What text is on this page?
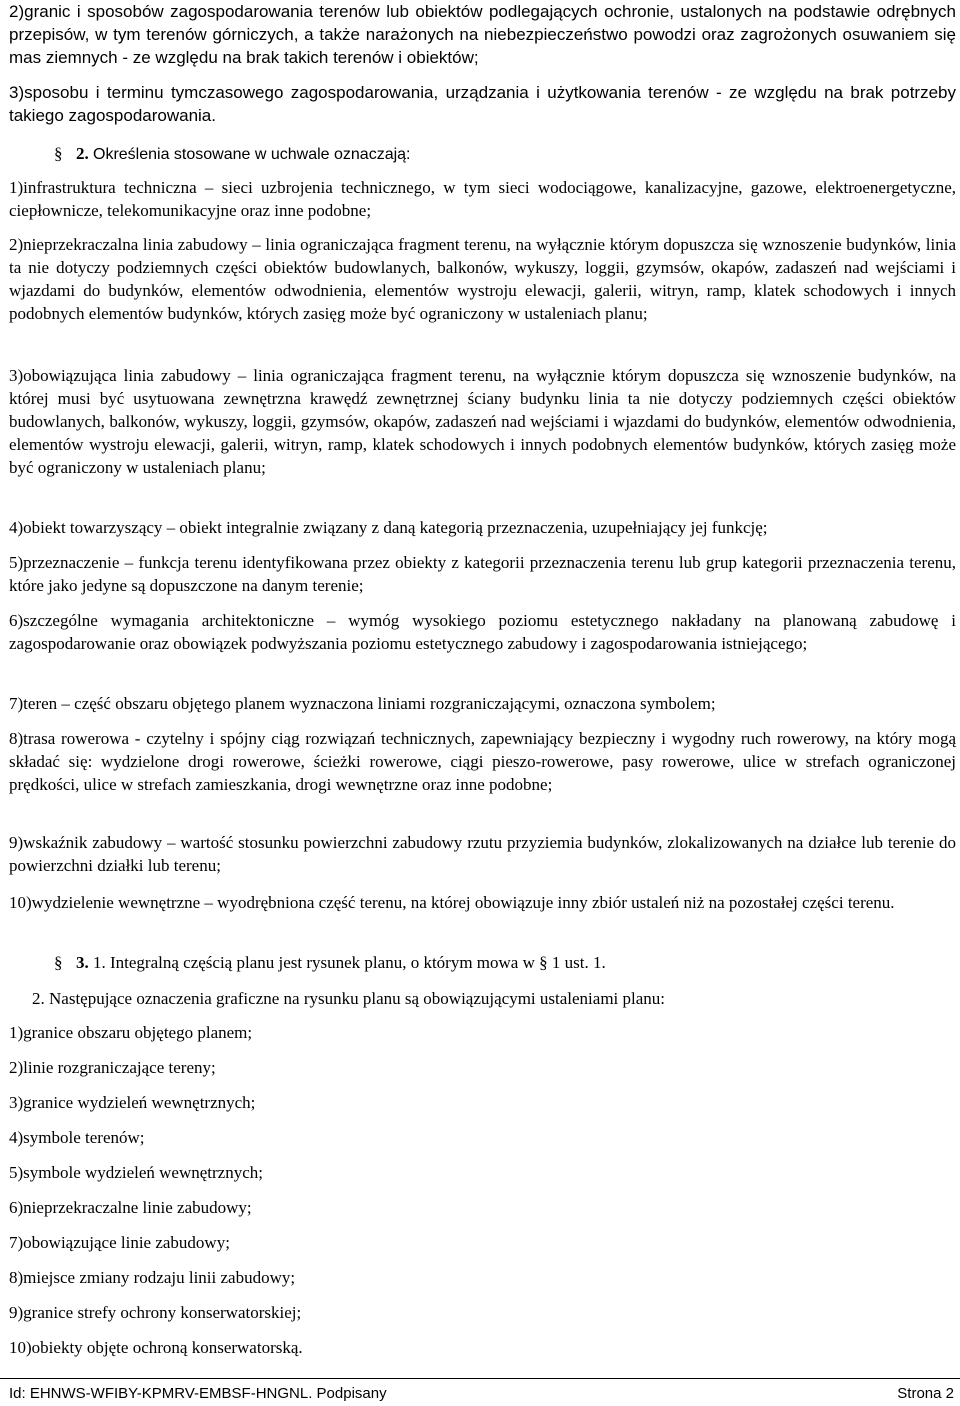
2)granic i sposobów zagospodarowania terenów lub obiektów podlegających ochronie, ustalonych na podstawie odrębnych przepisów, w tym terenów górniczych, a także narażonych na niebezpieczeństwo powodzi oraz zagrożonych osuwaniem się mas ziemnych - ze względu na brak takich terenów i obiektów;
3)sposobu i terminu tymczasowego zagospodarowania, urządzania i użytkowania terenów - ze względu na brak potrzeby takiego zagospodarowania.
§ 2. Określenia stosowane w uchwale oznaczają:
1)infrastruktura techniczna – sieci uzbrojenia technicznego, w tym sieci wodociągowe, kanalizacyjne, gazowe, elektroenergetyczne, ciepłownicze, telekomunikacyjne oraz inne podobne;
2)nieprzekraczalna linia zabudowy – linia ograniczająca fragment terenu, na wyłącznie którym dopuszcza się wznoszenie budynków, linia ta nie dotyczy podziemnych części obiektów budowlanych, balkonów, wykuszy, loggii, gzymsów, okapów, zadaszeń nad wejściami i wjazdami do budynków, elementów odwodnienia, elementów wystroju elewacji, galerii, witryn, ramp, klatek schodowych i innych podobnych elementów budynków, których zasięg może być ograniczony w ustaleniach planu;
3)obowiązująca linia zabudowy – linia ograniczająca fragment terenu, na wyłącznie którym dopuszcza się wznoszenie budynków, na której musi być usytuowana zewnętrzna krawędź zewnętrznej ściany budynku linia ta nie dotyczy podziemnych części obiektów budowlanych, balkonów, wykuszy, loggii, gzymsów, okapów, zadaszeń nad wejściami i wjazdami do budynków, elementów odwodnienia, elementów wystroju elewacji, galerii, witryn, ramp, klatek schodowych i innych podobnych elementów budynków, których zasięg może być ograniczony w ustaleniach planu;
4)obiekt towarzyszący – obiekt integralnie związany z daną kategorią przeznaczenia, uzupełniający jej funkcję;
5)przeznaczenie – funkcja terenu identyfikowana przez obiekty z kategorii przeznaczenia terenu lub grup kategorii przeznaczenia terenu, które jako jedyne są dopuszczone na danym terenie;
6)szczególne wymagania architektoniczne – wymóg wysokiego poziomu estetycznego nakładany na planowaną zabudowę i zagospodarowanie oraz obowiązek podwyższania poziomu estetycznego zabudowy i zagospodarowania istniejącego;
7)teren – część obszaru objętego planem wyznaczona liniami rozgraniczającymi, oznaczona symbolem;
8)trasa rowerowa - czytelny i spójny ciąg rozwiązań technicznych, zapewniający bezpieczny i wygodny ruch rowerowy, na który mogą składać się: wydzielone drogi rowerowe, ścieżki rowerowe, ciągi pieszo-rowerowe, pasy rowerowe, ulice w strefach ograniczonej prędkości, ulice w strefach zamieszkania, drogi wewnętrzne oraz inne podobne;
9)wskaźnik zabudowy – wartość stosunku powierzchni zabudowy rzutu przyziemia budynków, zlokalizowanych na działce lub terenie do powierzchni działki lub terenu;
10)wydzielenie wewnętrzne – wyodrębniona część terenu, na której obowiązuje inny zbiór ustaleń niż na pozostałej części terenu.
§ 3. 1. Integralną częścią planu jest rysunek planu, o którym mowa w § 1 ust. 1.
2. Następujące oznaczenia graficzne na rysunku planu są obowiązującymi ustaleniami planu:
1)granice obszaru objętego planem;
2)linie rozgraniczające tereny;
3)granice wydzieleń wewnętrznych;
4)symbole terenów;
5)symbole wydzieleń wewnętrznych;
6)nieprzekraczalne linie zabudowy;
7)obowiązujące linie zabudowy;
8)miejsce zmiany rodzaju linii zabudowy;
9)granice strefy ochrony konserwatorskiej;
10)obiekty objęte ochroną konserwatorską.
Id: EHNWS-WFIBY-KPMRV-EMBSF-HNGNL. Podpisany	Strona 2
